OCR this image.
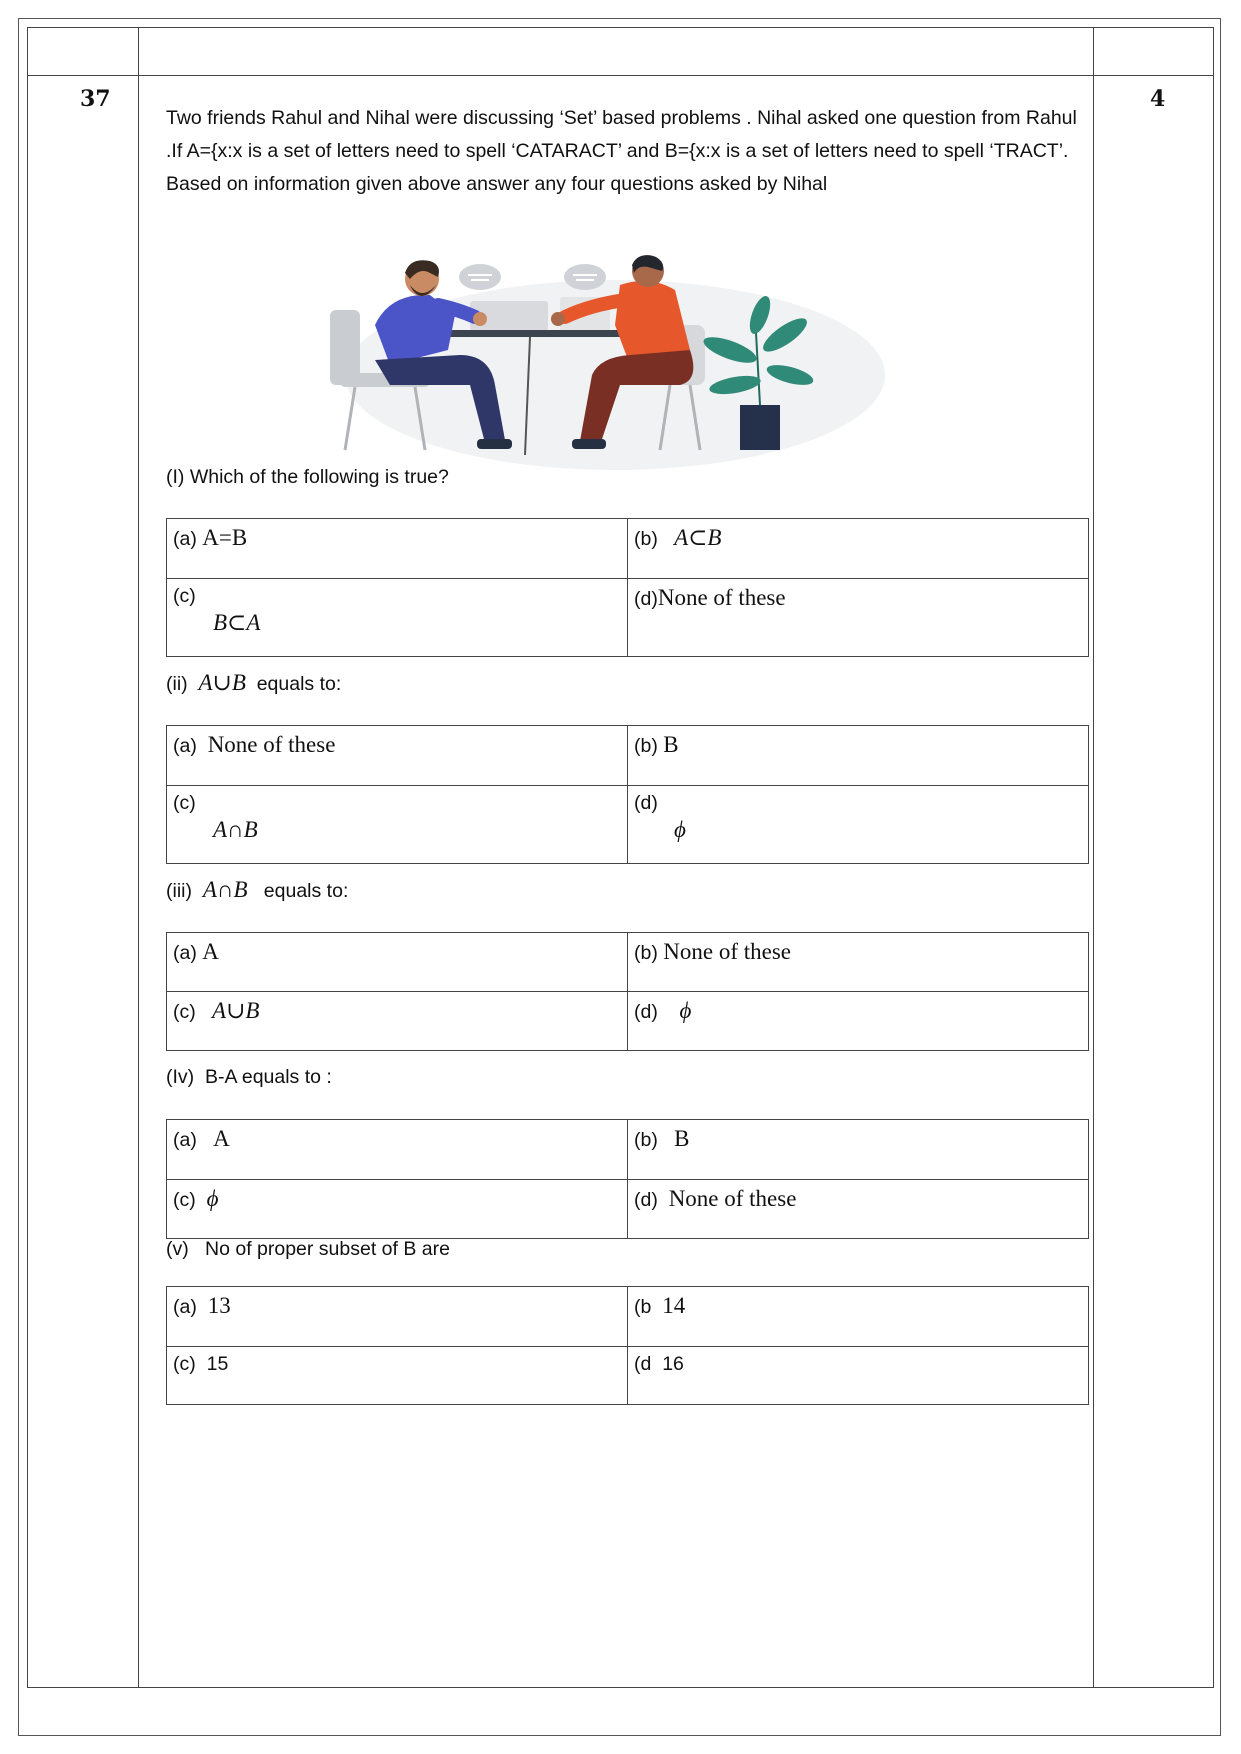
37	4
Two friends Rahul and Nihal were discussing ‘Set’ based problems . Nihal asked one question from Rahul .If A={x:x is a set of letters need to spell ‘CATARACT’ and B={x:x is a set of letters need to spell ‘TRACT’. Based on information given above answer any four questions asked by Nihal
(I) Which of the following is true?
(a) A=B	(b) A⊂B
(c)
B⊂A	(d)None of these
(ii)  A∪B  equals to:
(a) None of these	(b) B
(c)
A∩B	(d)
ϕ
(iii)  A∩B   equals to:
(a) A	(b) None of these
(c) A∪B	(d) ϕ
(Iv)  B-A equals to :
(a) A	(b) B
(c) ϕ	(d) None of these
(v)   No of proper subset of B are
(a) 13	(b 14
(c) 15	(d 16
